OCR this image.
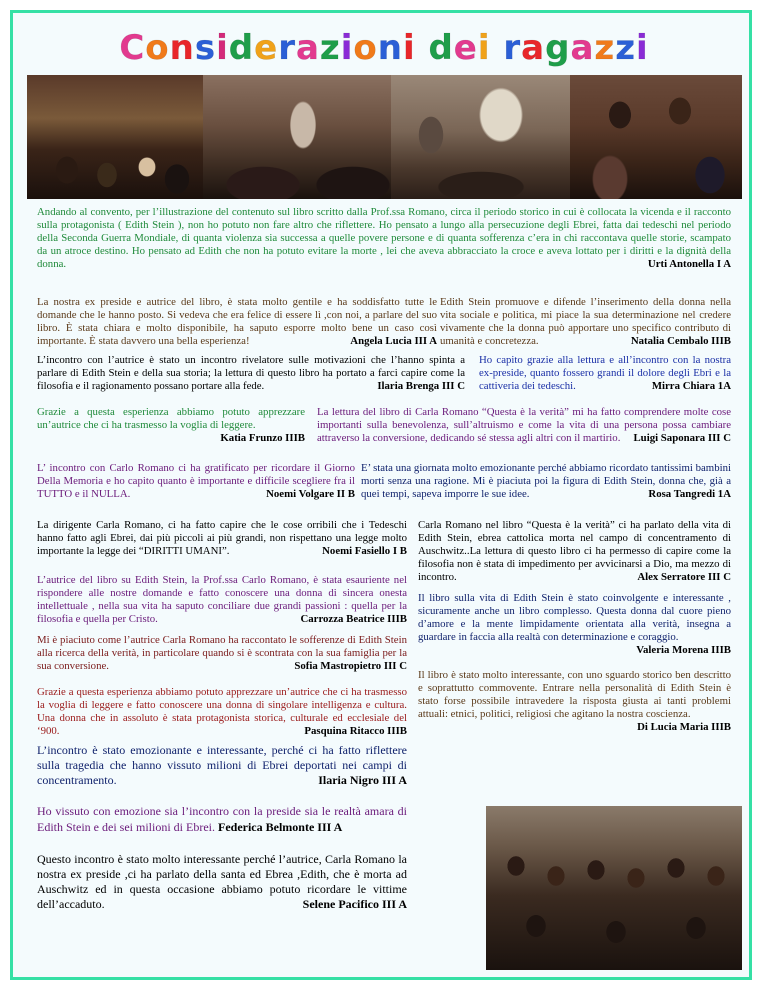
Considerazioni dei ragazzi
Andando al convento, per l’illustrazione del contenuto sul libro scritto dalla Prof.ssa Romano, circa il periodo storico in cui è collocata la vicenda e il racconto sulla protagonista ( Edith Stein ), non ho potuto non fare altro che riflettere. Ho pensato a lungo alla persecuzione degli Ebrei, fatta dai tedeschi nel periodo della Seconda Guerra Mondiale, di quanta violenza sia successa a quelle povere persone e di quanta sofferenza c’era in chi raccontava quelle storie, scampato da un atroce destino. Ho pensato ad Edith che non ha potuto evitare la morte , lei che aveva abbracciato la croce e aveva lottato per i diritti e la dignità della donna.	Urti Antonella I A
La nostra ex preside e autrice del libro, è stata molto gentile e ha soddisfatto tutte le domande che le hanno posto. Si vedeva che era felice di essere lì ,con noi, a parlare del suo libro. È stata chiara e molto disponibile, ha saputo esporre molto bene un caso così importante. È stata davvero una bella esperienza!	Angela Lucia III A
Edith Stein promuove e difende l’inserimento della donna nella vita sociale e politica, mi piace la sua determinazione nel credere vivamente che la donna può apportare uno specifico contributo di umanità e concretezza.	Natalia Cembalo IIIB
L’incontro con l’autrice è stato un incontro rivelatore sulle motivazioni che l’hanno spinta a parlare di Edith Stein e della sua storia; la lettura di questo libro ha portato a farci capire come la filosofia e il ragionamento possano portare alla fede.	Ilaria Brenga III C
Ho capito grazie alla lettura e all’incontro con la nostra ex-preside, quanto fossero grandi il dolore degli Ebri e la cattiveria dei tedeschi.	Mirra Chiara 1A
Grazie a questa esperienza abbiamo potuto apprezzare un’autrice che ci ha trasmesso la voglia di leggere.
Katia Frunzo IIIB
La lettura del libro di Carla Romano “Questa è la verità” mi ha fatto comprendere molte cose importanti sulla benevolenza, sull’altruismo e come la vita di una persona possa cambiare attraverso la conversione, dedicando sé stessa agli altri con il martirio. Luigi Saponara III C
L’ incontro con Carlo Romano ci ha gratificato per ricordare il Giorno Della Memoria e ho capito quanto è importante e difficile scegliere fra il TUTTO e il NULLA.	Noemi Volgare II B
E’ stata una giornata molto emozionante perché abbiamo ricordato tantissimi bambini morti senza una ragione. Mi è piaciuta poi la figura di Edith Stein, donna che, già a quei tempi, sapeva imporre le sue idee.	Rosa Tangredi 1A
La dirigente Carla Romano, ci ha fatto capire che le cose orribili che i Tedeschi hanno fatto agli Ebrei, dai più piccoli ai più grandi, non rispettano una legge molto importante la legge dei “DIRITTI UMANI”.	Noemi Fasiello I B
Carla Romano nel libro “Questa è la verità” ci ha parlato della vita di Edith Stein, ebrea cattolica morta nel campo di concentramento di Auschwitz..La lettura di questo libro ci ha permesso di capire come la filosofia non è stata di impedimento per avvicinarsi a Dio, ma mezzo di incontro.	Alex Serratore III C
L’autrice del libro su Edith Stein, la Prof.ssa Carlo Romano, è stata esauriente nel rispondere alle nostre domande e fatto conoscere una donna di sincera onesta intellettuale , nella sua vita ha saputo conciliare due grandi passioni : quella per la filosofia e quella per Cristo.	Carrozza Beatrice IIIB
Il libro sulla vita di Edith Stein è stato coinvolgente e interessante , sicuramente anche un libro complesso. Questa donna dal cuore pieno d’amore e la mente limpidamente orientata alla verità, insegna a guardare in faccia alla realtà con determinazione e coraggio.
Valeria Morena IIIB
Mi è piaciuto come l’autrice Carla Romano ha raccontato le sofferenze di Edith Stein alla ricerca della verità, in particolare quando si è scontrata con la sua famiglia per la sua conversione.	Sofia Mastropietro III C
Il libro è stato molto interessante, con uno sguardo storico ben descritto e soprattutto commovente. Entrare nella personalità di Edith Stein è stato forse possibile intravedere la risposta giusta ai tanti problemi attuali: etnici, politici, religiosi che agitano la nostra coscienza.
Di Lucia Maria IIIB
Grazie a questa esperienza abbiamo potuto apprezzare un’autrice che ci ha trasmesso la voglia di leggere e fatto conoscere una donna di singolare intelligenza e cultura. Una donna che in assoluto è stata protagonista storica, culturale ed ecclesiale del ‘900.	Pasquina Ritacco IIIB
L’incontro è stato emozionante e interessante, perché ci ha fatto riflettere sulla tragedia che hanno vissuto milioni di Ebrei deportati nei campi di concentramento.	Ilaria Nigro III A
Ho vissuto con emozione sia l’incontro con la preside sia le realtà amara di Edith Stein e dei sei milioni di Ebrei. Federica Belmonte III A
Questo incontro è stato molto interessante perché l’autrice, Carla Romano la nostra ex preside ,ci ha parlato della santa ed Ebrea ,Edith, che è morta ad Auschwitz ed in questa occasione abbiamo potuto ricordare le vittime dell’accaduto.	Selene Pacifico III A
